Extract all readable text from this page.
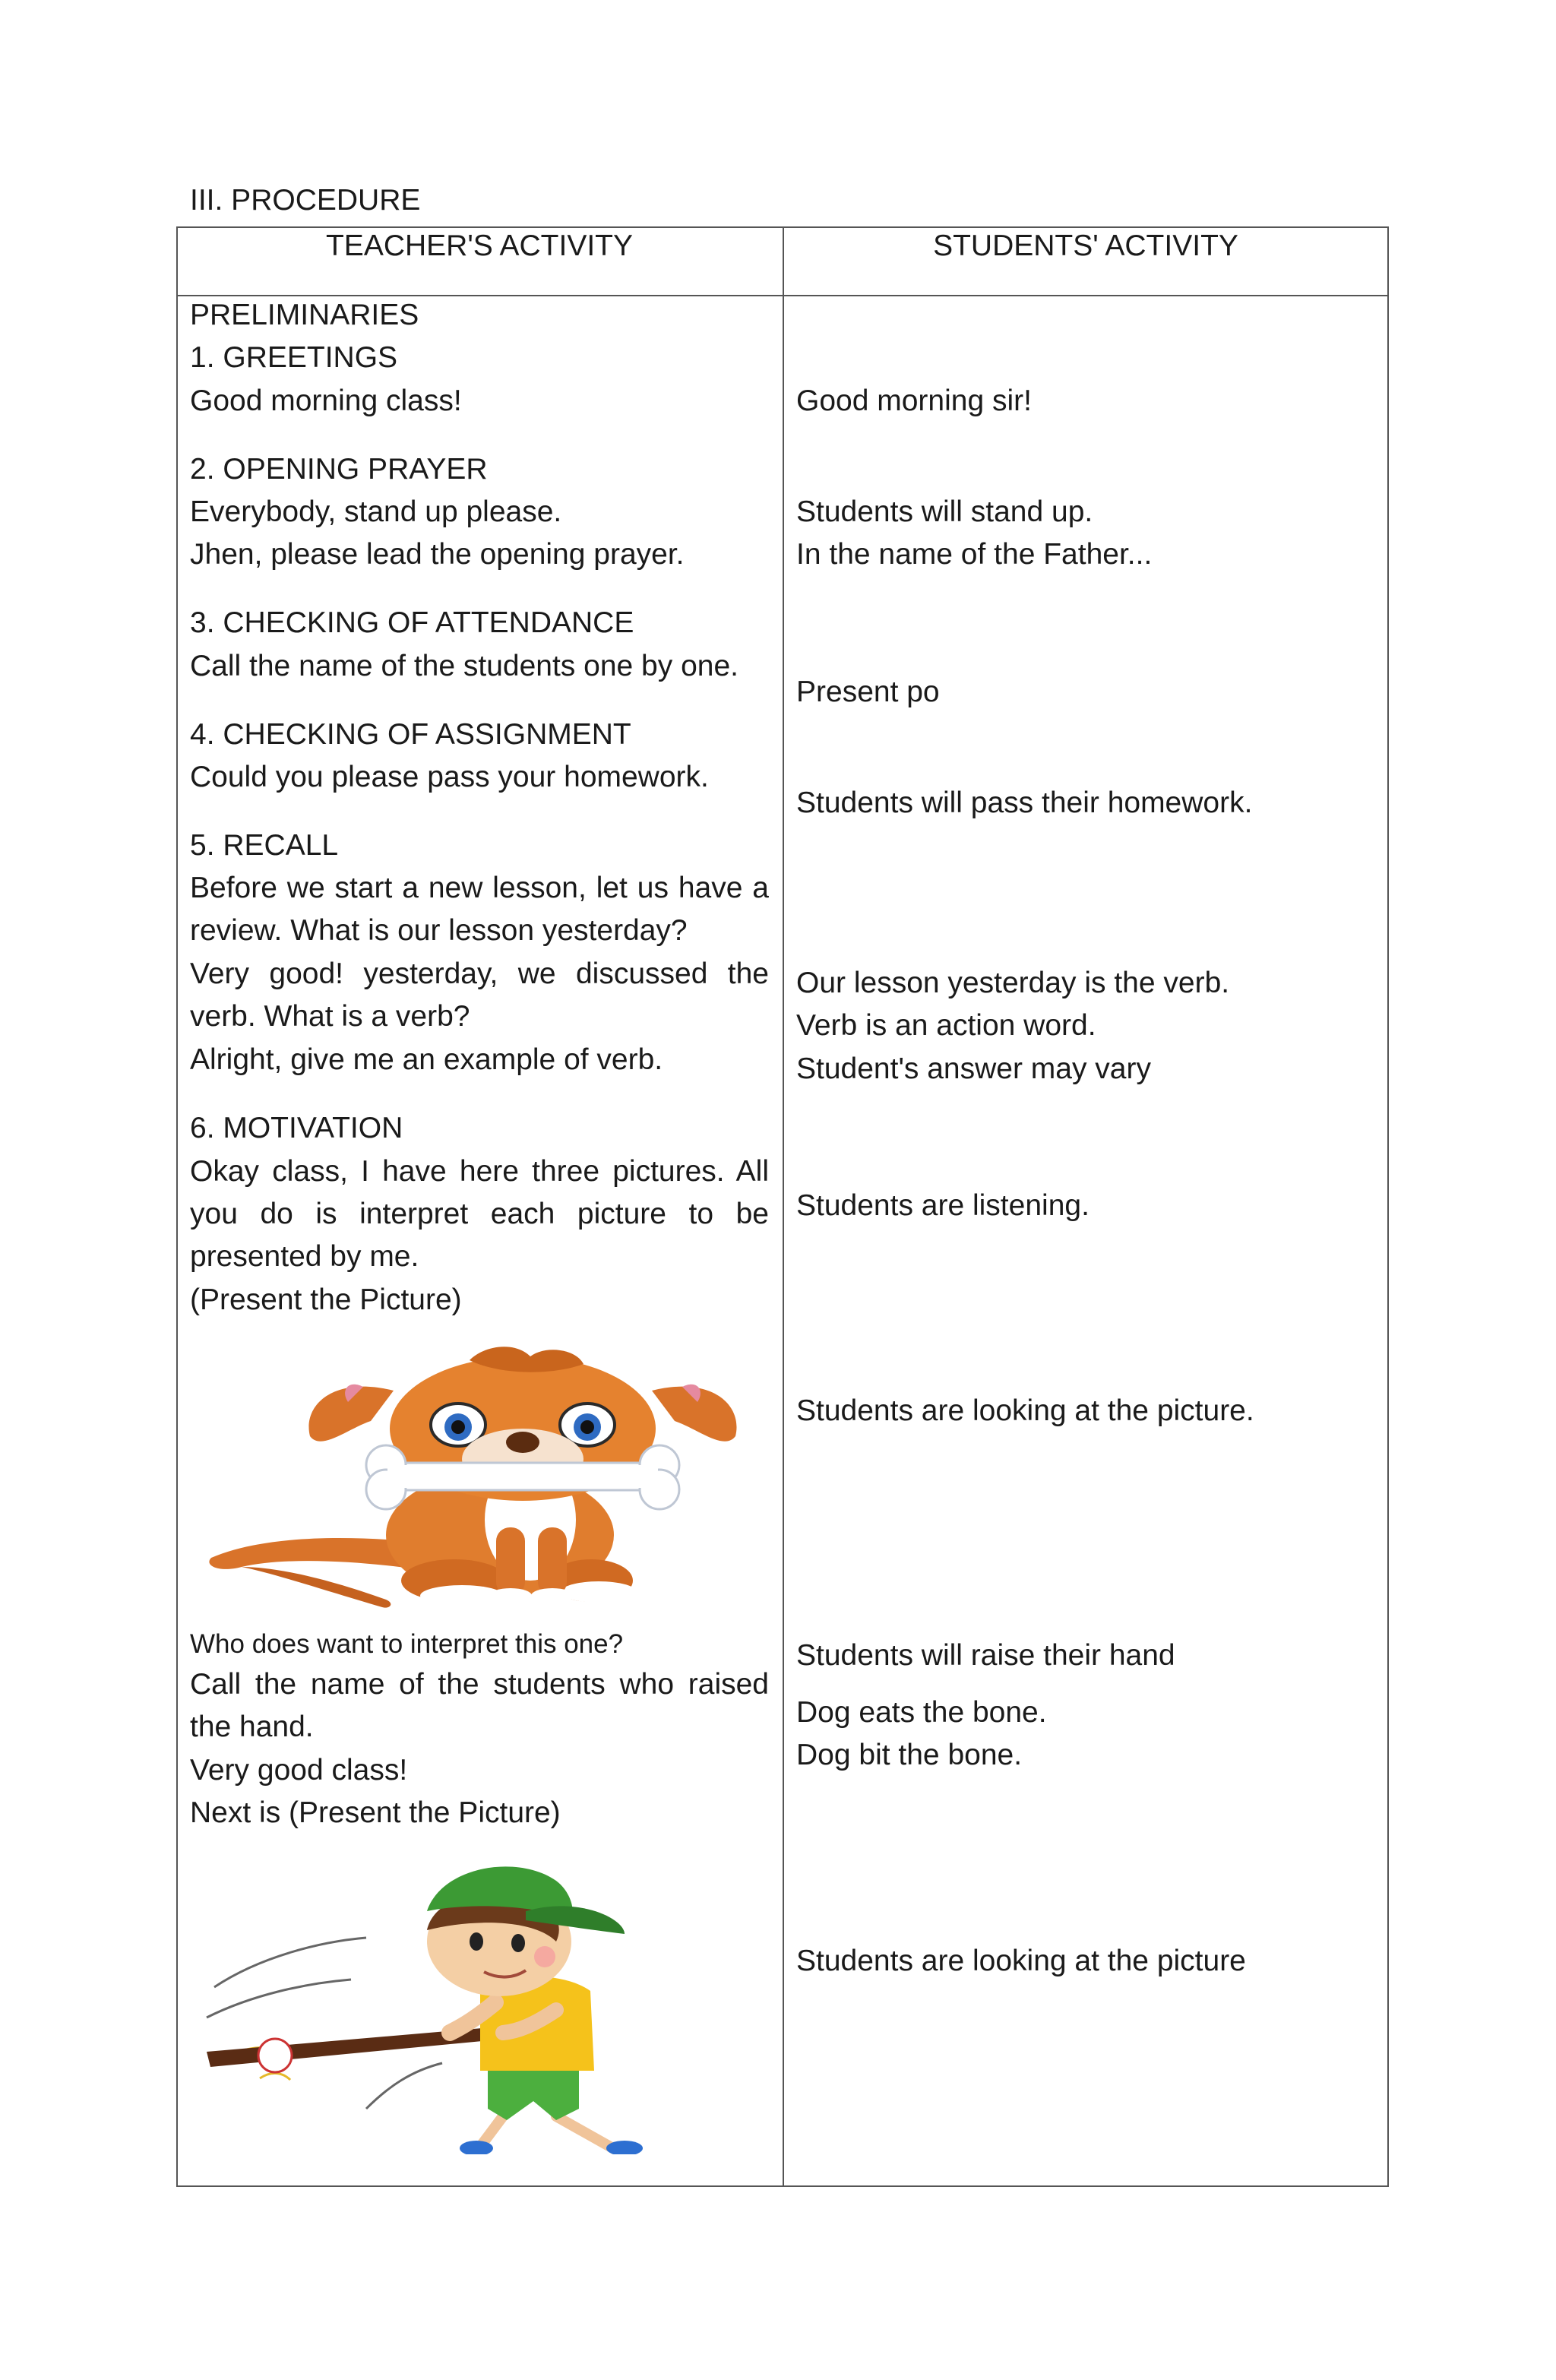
III. PROCEDURE
TEACHER'S ACTIVITY	STUDENTS' ACTIVITY
PRELIMINARIES
1. GREETINGS
Good morning class!
2. OPENING PRAYER
Everybody, stand up please.
Jhen, please lead the opening prayer.
3. CHECKING OF ATTENDANCE
Call the name of the students one by one.
4. CHECKING OF ASSIGNMENT
Could you please pass your homework.
5. RECALL
Before we start a new lesson, let us have a review. What is our lesson yesterday?
Very good! yesterday, we discussed the verb. What is a verb?
Alright, give me an example of verb.
6. MOTIVATION
Okay class, I have here three pictures. All you do is interpret each picture to be presented by me.
(Present the Picture)
Who does want to interpret this one?
Call the name of the students who raised the hand.
Very good class!
Next is (Present the Picture)
Good morning sir!
Students will stand up.
In the name of the Father...
Present po
Students will pass their homework.
Our lesson yesterday is the verb.
Verb is an action word.
Student's answer may vary
Students are listening.
Students are looking at the picture.
Students will raise their hand
Dog eats the bone.
Dog bit the bone.
Students are looking at the picture
